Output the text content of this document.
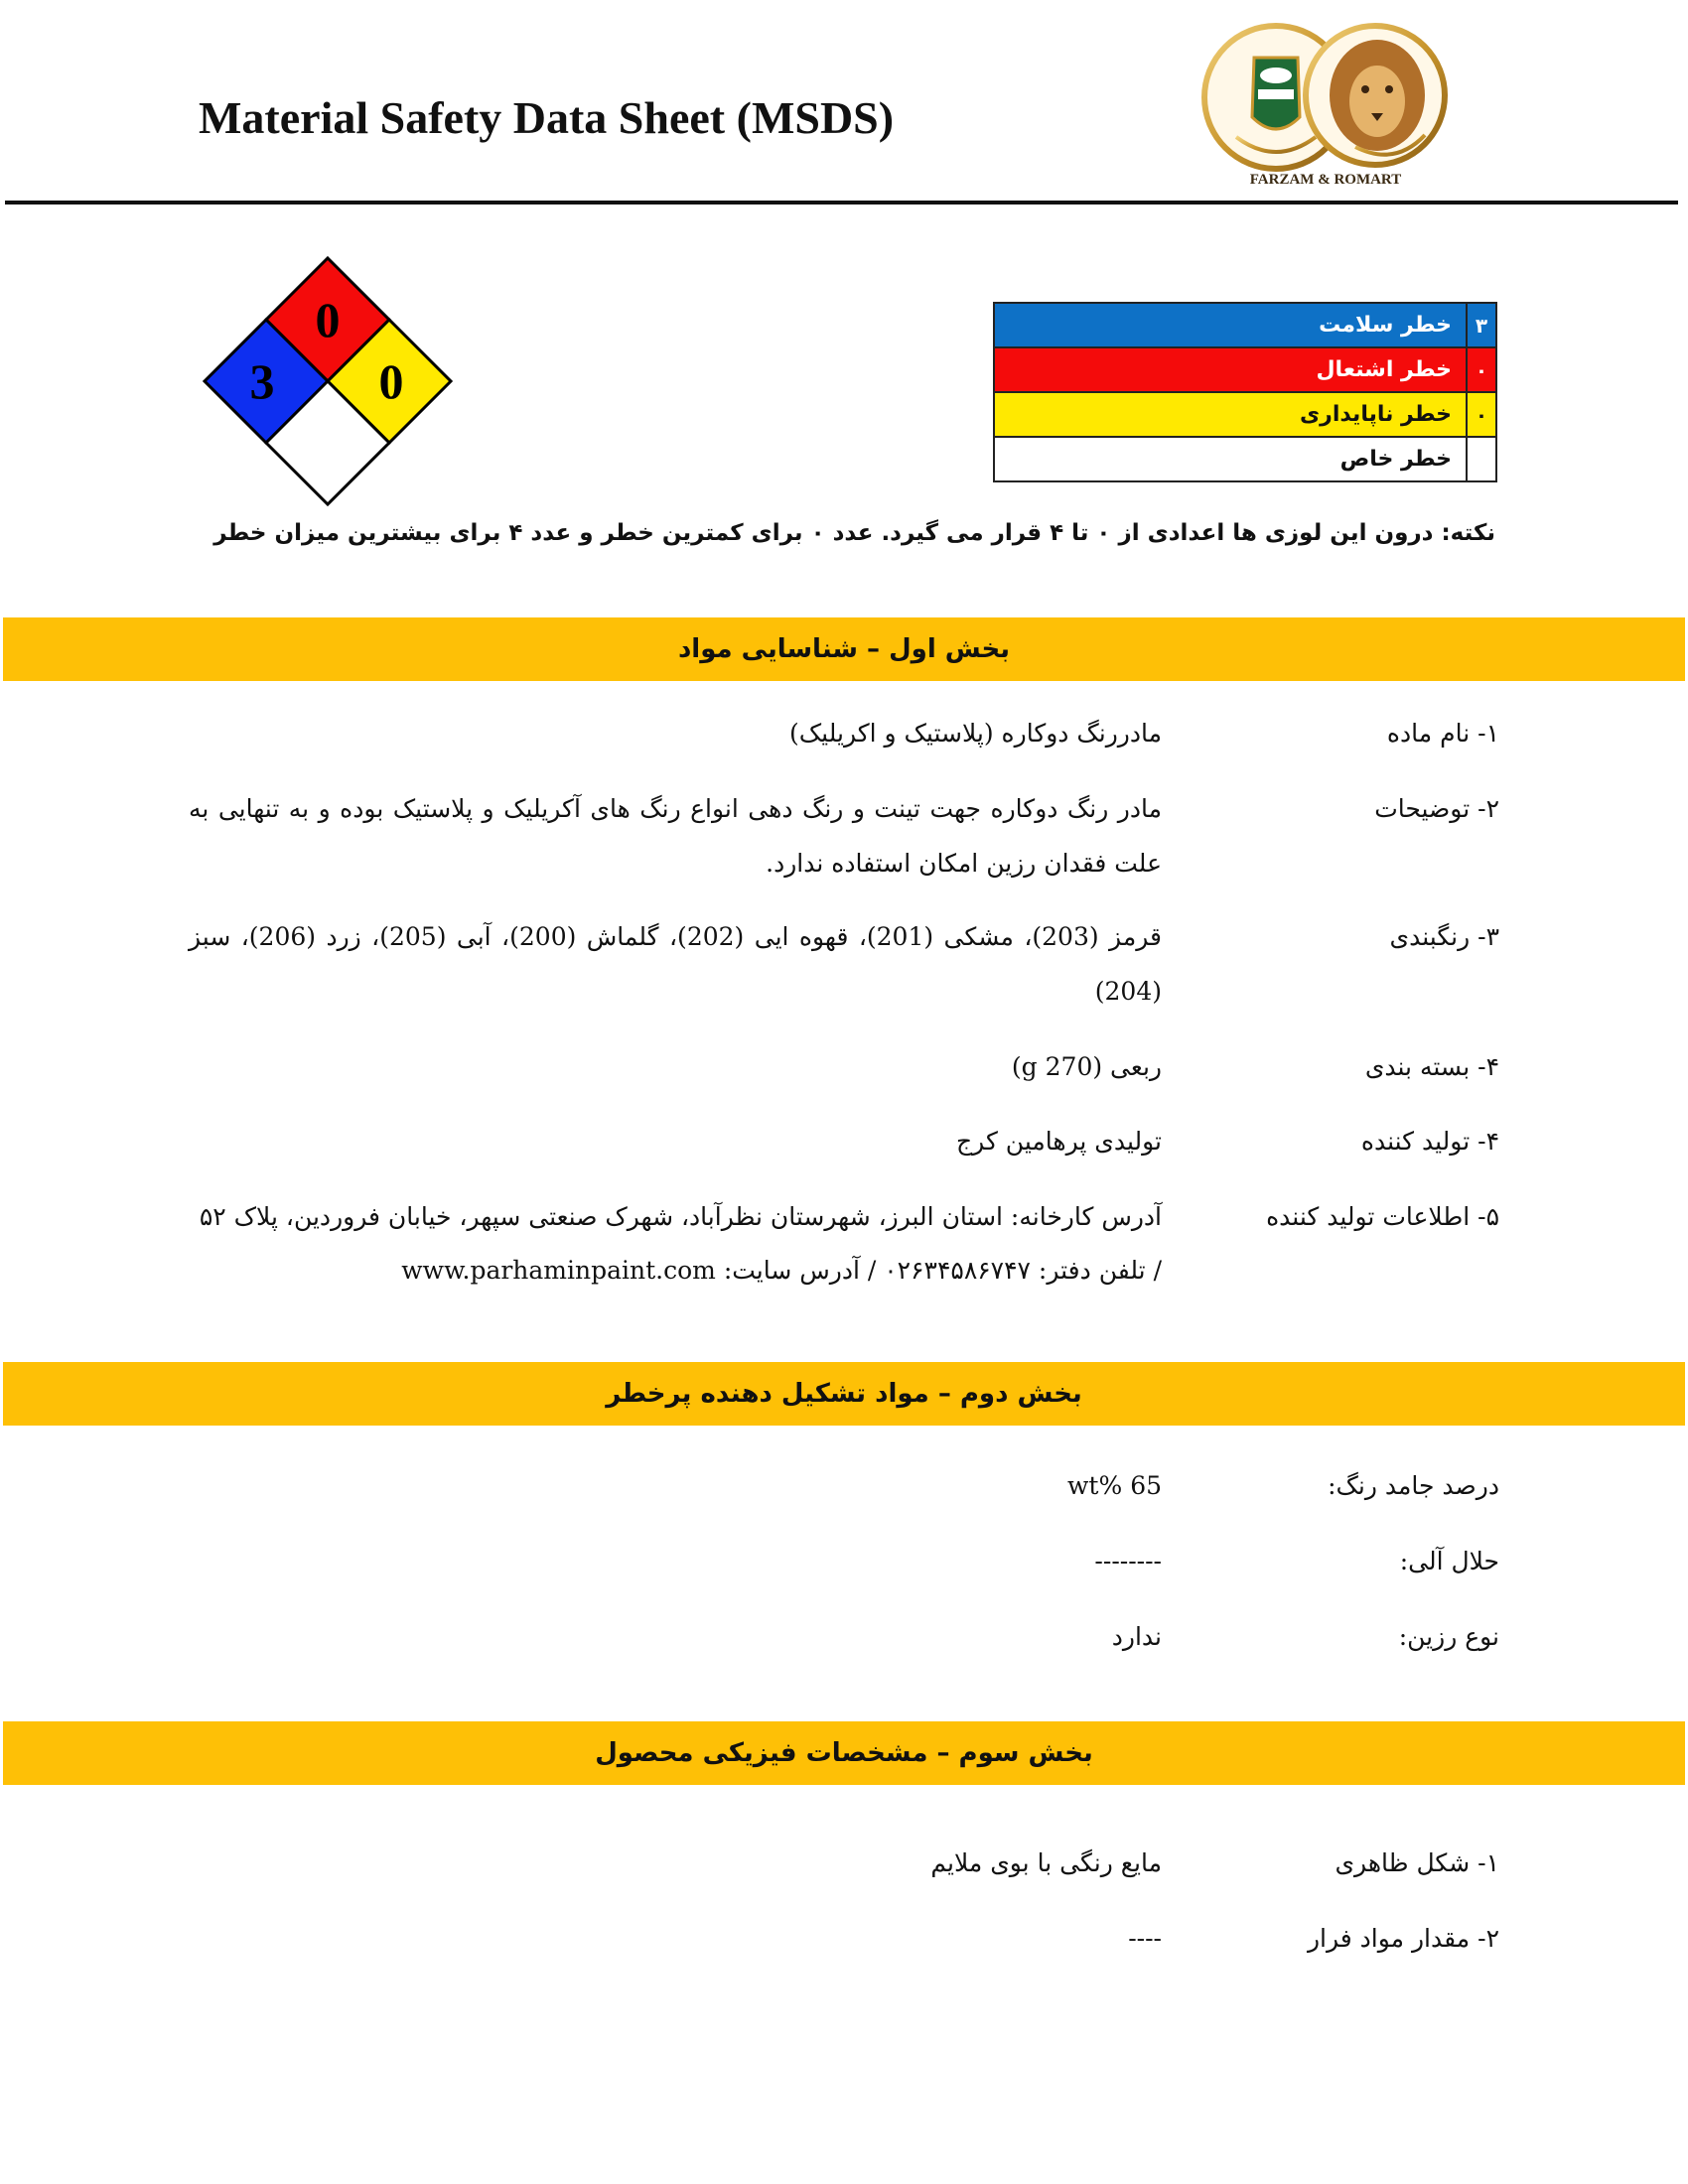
Material Safety Data Sheet (MSDS)
FARZAM & ROMART
0
3 0
۳	خطر سلامت
۰	خطر اشتعال
۰	خطر ناپایداری
	خطر خاص
نکته: درون این لوزی ها اعدادی از ۰ تا ۴ قرار می گیرد. عدد ۰ برای کمترین خطر و عدد ۴ برای بیشترین میزان خطر
بخش اول – شناسایی مواد
۱- نام ماده
مادررنگ دوکاره (پلاستیک و اکریلیک)
۲- توضیحات
مادر رنگ دوکاره جهت تینت و رنگ دهی انواع رنگ های آکریلیک و پلاستیک بوده و به تنهایی به علت فقدان رزین امکان استفاده ندارد.
۳- رنگبندی
قرمز (203)، مشکی (201)، قهوه ایی (202)، گلماش (200)، آبی (205)، زرد (206)، سبز (204)
۴- بسته بندی
ربعی (270 g)
۴- تولید کننده
تولیدی پرهامین کرج
۵- اطلاعات تولید کننده
آدرس کارخانه: استان البرز، شهرستان نظرآباد، شهرک صنعتی سپهر، خیابان فروردین، پلاک ۵۲
/ تلفن دفتر: ۰۲۶۳۴۵۸۶۷۴۷ / آدرس سایت: www.parhaminpaint.com
بخش دوم – مواد تشکیل دهنده پرخطر
درصد جامد رنگ:
65 %wt
حلال آلی:
--------
نوع رزین:
ندارد
بخش سوم – مشخصات فیزیکی محصول
۱- شکل ظاهری
مایع رنگی با بوی ملایم
۲- مقدار مواد فرار
----
